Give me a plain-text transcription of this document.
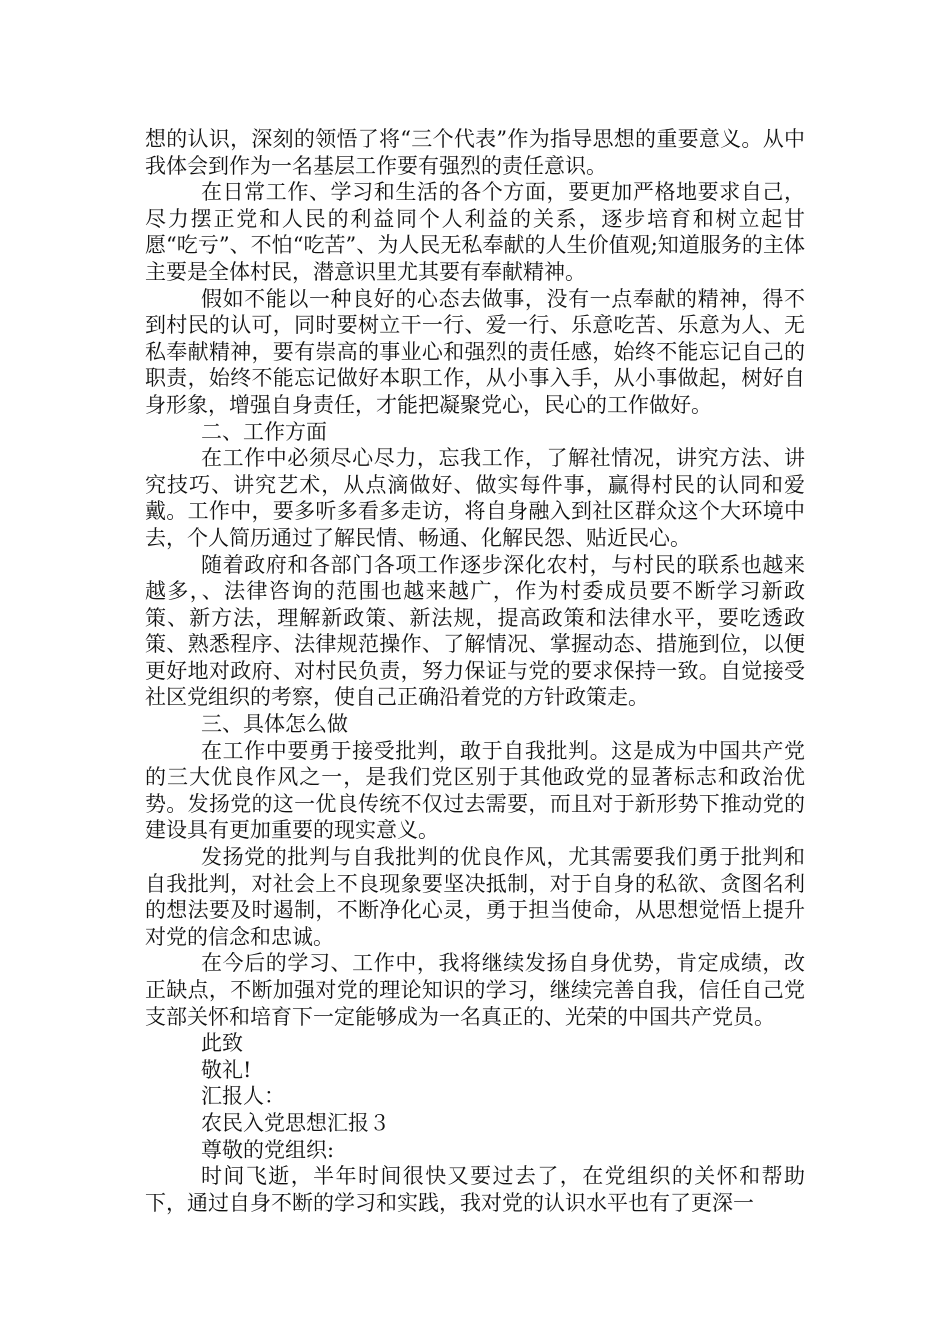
想的认识，深刻的领悟了将“三个代表”作为指导思想的重要意义。从中我体会到作为一名基层工作要有强烈的责任意识。

在日常工作、学习和生活的各个方面，要更加严格地要求自己，尽力摆正党和人民的利益同个人利益的关系，逐步培育和树立起甘愿“吃亏”、不怕“吃苦”、为人民无私奉献的人生价值观;知道服务的主体主要是全体村民，潜意识里尤其要有奉献精神。

假如不能以一种良好的心态去做事，没有一点奉献的精神，得不到村民的认可，同时要树立干一行、爱一行、乐意吃苦、乐意为人、无私奉献精神，要有崇高的事业心和强烈的责任感，始终不能忘记自己的职责，始终不能忘记做好本职工作，从小事入手，从小事做起，树好自身形象，增强自身责任，才能把凝聚党心，民心的工作做好。

二、工作方面

在工作中必须尽心尽力，忘我工作，了解社情况，讲究方法、讲究技巧、讲究艺术，从点滴做好、做实每件事，赢得村民的认同和爱戴。工作中，要多听多看多走访，将自身融入到社区群众这个大环境中去，个人简历通过了解民情、畅通、化解民怨、贴近民心。

随着政府和各部门各项工作逐步深化农村，与村民的联系也越来越多，、法律咨询的范围也越来越广，作为村委成员要不断学习新政策、新方法，理解新政策、新法规，提高政策和法律水平，要吃透政策、熟悉程序、法律规范操作、了解情况、掌握动态、措施到位，以便更好地对政府、对村民负责，努力保证与党的要求保持一致。自觉接受社区党组织的考察，使自己正确沿着党的方针政策走。

三、具体怎么做

在工作中要勇于接受批判，敢于自我批判。这是成为中国共产党的三大优良作风之一，是我们党区别于其他政党的显著标志和政治优势。发扬党的这一优良传统不仅过去需要，而且对于新形势下推动党的建设具有更加重要的现实意义。

发扬党的批判与自我批判的优良作风，尤其需要我们勇于批判和自我批判，对社会上不良现象要坚决抵制，对于自身的私欲、贪图名利的想法要及时遏制，不断净化心灵，勇于担当使命，从思想觉悟上提升对党的信念和忠诚。

在今后的学习、工作中，我将继续发扬自身优势，肯定成绩，改正缺点，不断加强对党的理论知识的学习，继续完善自我，信任自己党支部关怀和培育下一定能够成为一名真正的、光荣的中国共产党员。

此致

敬礼!

汇报人：

农民入党思想汇报３

尊敬的党组织:

时间飞逝，半年时间很快又要过去了，在党组织的关怀和帮助下，通过自身不断的学习和实践，我对党的认识水平也有了更深一
